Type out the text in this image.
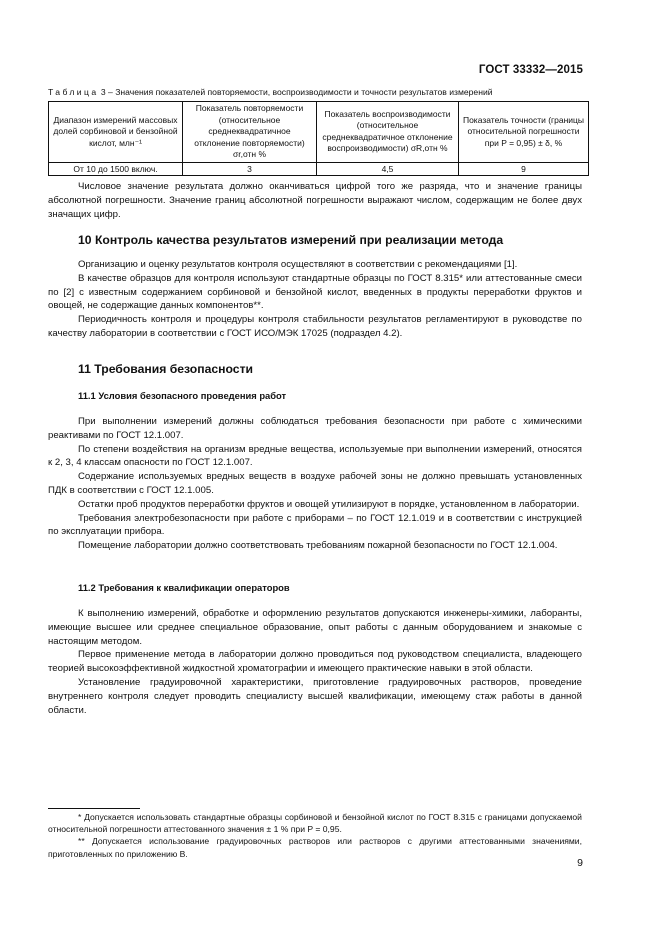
ГОСТ 33332—2015
Таблица 3 – Значения показателей повторяемости, воспроизводимости и точности результатов измерений
Диапазон измерений массовых долей сорбиновой и бензойной кислот, млн⁻¹	Показатель повторяемости (относительное среднеквадратичное отклонение повторяемости) σr,отн %	Показатель воспроизводимости (относительное среднеквадратичное отклонение воспроизводимости) σR,отн %	Показатель точности (границы относительной погрешности при P = 0,95) ± δ, %
От 10 до 1500 включ.	3	4,5	9

Числовое значение результата должно оканчиваться цифрой того же разряда, что и значение границы абсолютной погрешности. Значение границ абсолютной погрешности выражают числом, содержащим не более двух значащих цифр.

10 Контроль качества результатов измерений при реализации метода

Организацию и оценку результатов контроля осуществляют в соответствии с рекомендациями [1].

В качестве образцов для контроля используют стандартные образцы по ГОСТ 8.315* или аттестованные смеси по [2] с известным содержанием сорбиновой и бензойной кислот, введенных в продукты переработки фруктов и овощей, не содержащие данных компонентов**.

Периодичность контроля и процедуры контроля стабильности результатов регламентируют в руководстве по качеству лаборатории в соответствии с ГОСТ ИСО/МЭК 17025 (подраздел 4.2).

11 Требования безопасности
11.1 Условия безопасного проведения работ

При выполнении измерений должны соблюдаться требования безопасности при работе с химическими реактивами по ГОСТ 12.1.007.

По степени воздействия на организм вредные вещества, используемые при выполнении измерений, относятся к 2, 3, 4 классам опасности по ГОСТ 12.1.007.

Содержание используемых вредных веществ в воздухе рабочей зоны не должно превышать установленных ПДК в соответствии с ГОСТ 12.1.005.

Остатки проб продуктов переработки фруктов и овощей утилизируют в порядке, установленном в лаборатории.

Требования электробезопасности при работе с приборами – по ГОСТ 12.1.019 и в соответствии с инструкцией по эксплуатации прибора.

Помещение лаборатории должно соответствовать требованиям пожарной безопасности по ГОСТ 12.1.004.

11.2 Требования к квалификации операторов

К выполнению измерений, обработке и оформлению результатов допускаются инженеры-химики, лаборанты, имеющие высшее или среднее специальное образование, опыт работы с данным оборудованием и знакомые с настоящим методом.

Первое применение метода в лаборатории должно проводиться под руководством специалиста, владеющего теорией высокоэффективной жидкостной хроматографии и имеющего практические навыки в этой области.

Установление градуировочной характеристики, приготовление градуировочных растворов, проведение внутреннего контроля следует проводить специалисту высшей квалификации, имеющему стаж работы в данной области.

* Допускается использовать стандартные образцы сорбиновой и бензойной кислот по ГОСТ 8.315 с границами допускаемой относительной погрешности аттестованного значения ± 1 % при P = 0,95.

** Допускается использование градуировочных растворов или растворов с другими аттестованными значениями, приготовленных по приложению В.

9
